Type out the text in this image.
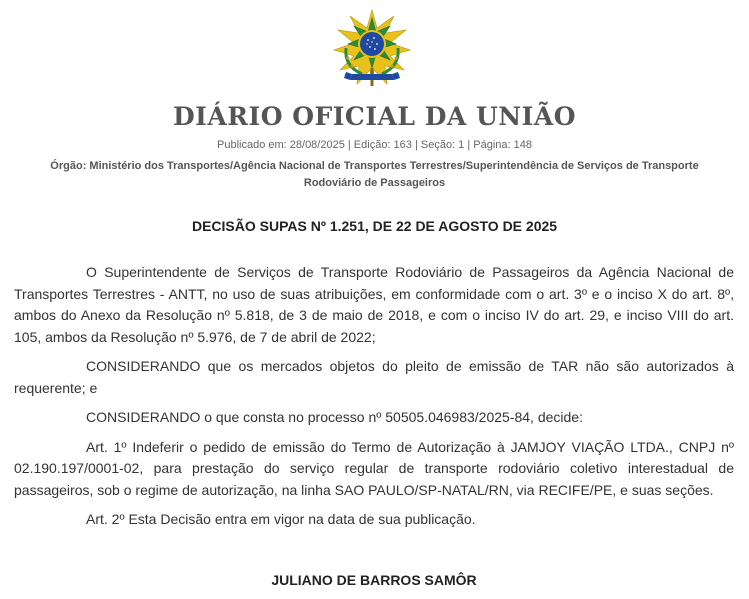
DIÁRIO OFICIAL DA UNIÃO
Publicado em: 28/08/2025 | Edição: 163 | Seção: 1 | Página: 148
Órgão: Ministério dos Transportes/Agência Nacional de Transportes Terrestres/Superintendência de Serviços de Transporte Rodoviário de Passageiros
DECISÃO SUPAS Nº 1.251, DE 22 DE AGOSTO DE 2025

O Superintendente de Serviços de Transporte Rodoviário de Passageiros da Agência Nacional de Transportes Terrestres - ANTT, no uso de suas atribuições, em conformidade com o art. 3º e o inciso X do art. 8º, ambos do Anexo da Resolução nº 5.818, de 3 de maio de 2018, e com o inciso IV do art. 29, e inciso VIII do art. 105, ambos da Resolução nº 5.976, de 7 de abril de 2022;

CONSIDERANDO que os mercados objetos do pleito de emissão de TAR não são autorizados à requerente; e

CONSIDERANDO o que consta no processo nº 50505.046983/2025-84, decide:

Art. 1º Indeferir o pedido de emissão do Termo de Autorização à JAMJOY VIAÇÃO LTDA., CNPJ nº 02.190.197/0001-02, para prestação do serviço regular de transporte rodoviário coletivo interestadual de passageiros, sob o regime de autorização, na linha SAO PAULO/SP-NATAL/RN, via RECIFE/PE, e suas seções.

Art. 2º Esta Decisão entra em vigor na data de sua publicação.

JULIANO DE BARROS SAMÔR
